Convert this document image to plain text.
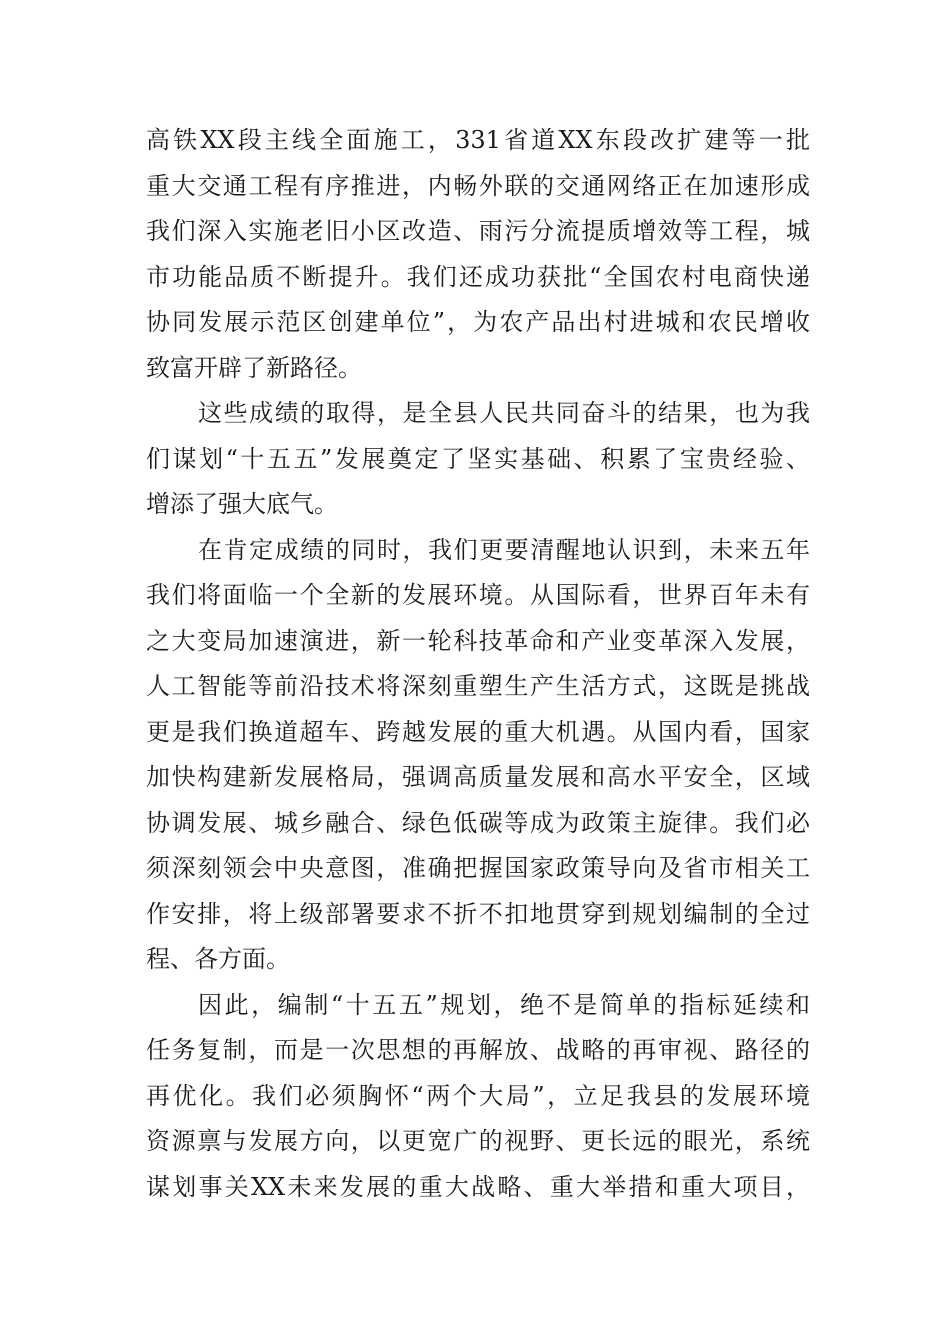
高铁XX段主线全面施工，331省道XX东段改扩建等一批
重大交通工程有序推进，内畅外联的交通网络正在加速形成
我们深入实施老旧小区改造、雨污分流提质增效等工程，城
市功能品质不断提升。我们还成功获批“全国农村电商快递
协同发展示范区创建单位”，为农产品出村进城和农民增收
致富开辟了新路径。
这些成绩的取得，是全县人民共同奋斗的结果，也为我
们谋划“十五五”发展奠定了坚实基础、积累了宝贵经验、
增添了强大底气。
在肯定成绩的同时，我们更要清醒地认识到，未来五年
我们将面临一个全新的发展环境。从国际看，世界百年未有
之大变局加速演进，新一轮科技革命和产业变革深入发展，
人工智能等前沿技术将深刻重塑生产生活方式，这既是挑战
更是我们换道超车、跨越发展的重大机遇。从国内看，国家
加快构建新发展格局，强调高质量发展和高水平安全，区域
协调发展、城乡融合、绿色低碳等成为政策主旋律。我们必
须深刻领会中央意图，准确把握国家政策导向及省市相关工
作安排，将上级部署要求不折不扣地贯穿到规划编制的全过
程、各方面。
因此，编制“十五五”规划，绝不是简单的指标延续和
任务复制，而是一次思想的再解放、战略的再审视、路径的
再优化。我们必须胸怀“两个大局”，立足我县的发展环境
资源禀与发展方向，以更宽广的视野、更长远的眼光，系统
谋划事关XX未来发展的重大战略、重大举措和重大项目，
